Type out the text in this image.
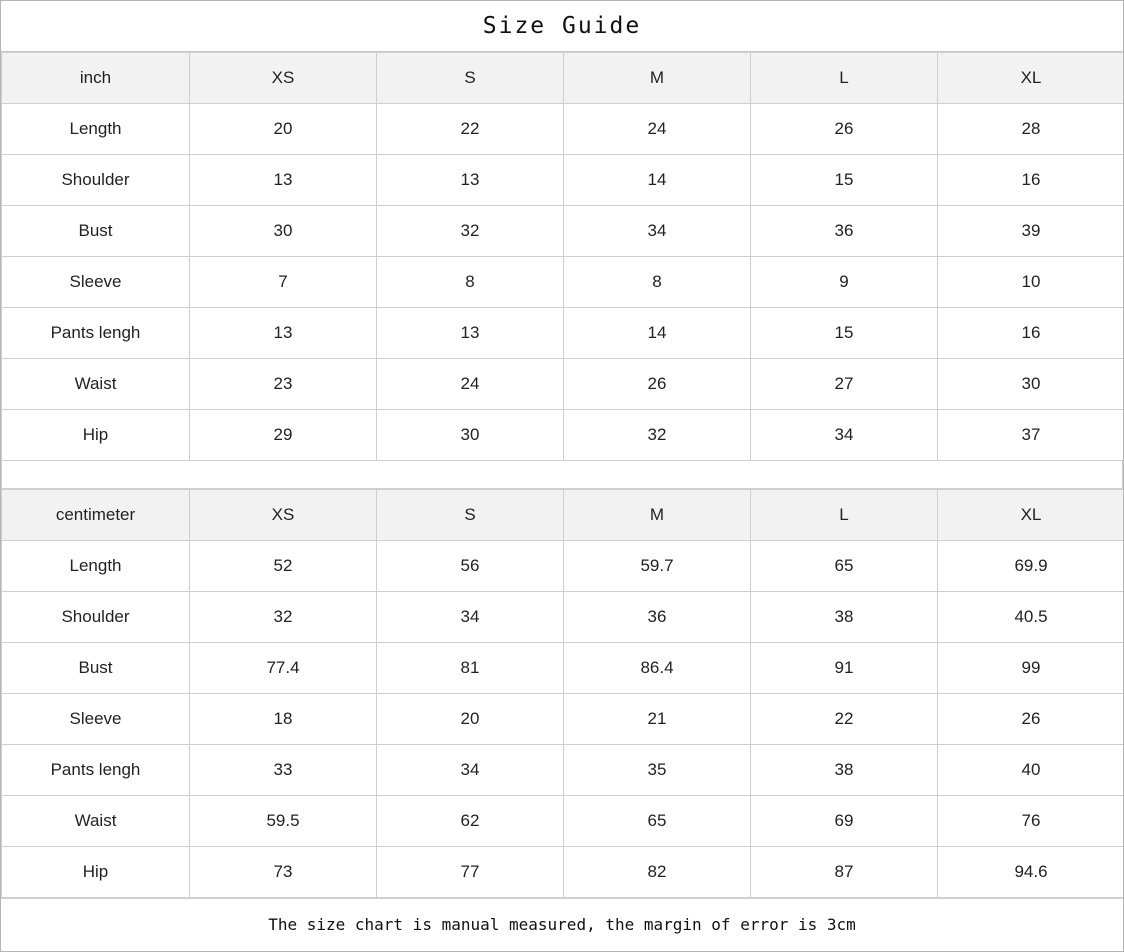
Size Guide
inch	XS	S	M	L	XL
Length	20	22	24	26	28
Shoulder	13	13	14	15	16
Bust	30	32	34	36	39
Sleeve	7	8	8	9	10
Pants lengh	13	13	14	15	16
Waist	23	24	26	27	30
Hip	29	30	32	34	37
centimeter	XS	S	M	L	XL
Length	52	56	59.7	65	69.9
Shoulder	32	34	36	38	40.5
Bust	77.4	81	86.4	91	99
Sleeve	18	20	21	22	26
Pants lengh	33	34	35	38	40
Waist	59.5	62	65	69	76
Hip	73	77	82	87	94.6
The size chart is manual measured, the margin of error is 3cm
